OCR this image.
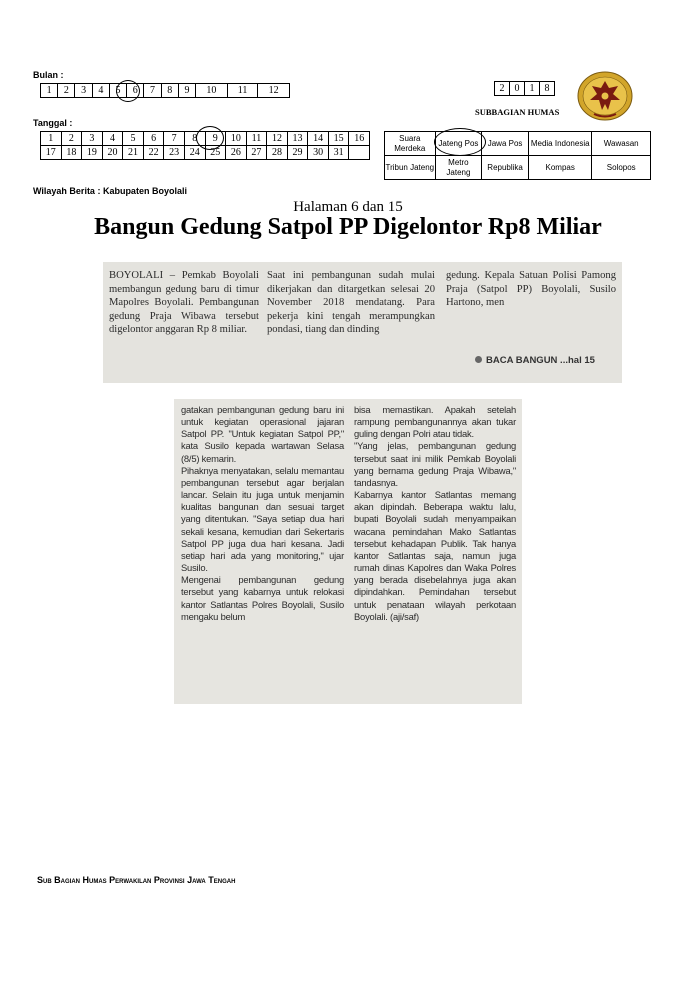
Bulan :
1	2	3	4	5	6	7	8	9	10	11	12
Tanggal :
1	2	3	4	5	6	7	8	9	10	11	12	13	14	15	16
17	18	19	20	21	22	23	24	25	26	27	28	29	30	31	
Wilayah Berita : Kabupaten Boyolali
2	0	1	8
SUBBAGIAN HUMAS
Suara Merdeka	Jateng Pos	Jawa Pos	Media Indonesia	Wawasan
Tribun Jateng	Metro Jateng	Republika	Kompas	Solopos
Halaman 6 dan 15
Bangun Gedung Satpol PP Digelontor Rp8 Miliar
BOYOLALI – Pemkab Boyolali membangun gedung baru di timur Mapolres Boyolali. Pembangunan gedung Praja Wibawa tersebut digelontor anggaran Rp 8 miliar.
Saat ini pembangunan sudah mulai dikerjakan dan ditargetkan selesai 20 November 2018 mendatang. Para pekerja kini tengah merampungkan pondasi, tiang dan dinding
gedung. Kepala Satuan Polisi Pamong Praja (Satpol PP) Boyolali, Susilo Hartono, men
BACA BANGUN ...hal 15

gatakan pembangunan gedung baru ini untuk kegiatan operasional jajaran Satpol PP. "Untuk kegiatan Satpol PP," kata Susilo kepada wartawan Selasa (8/5) kemarin.

Pihaknya menyatakan, selalu memantau pembangunan tersebut agar berjalan lancar. Selain itu juga untuk menjamin kualitas bangunan dan sesuai target yang ditentukan. "Saya setiap dua hari sekali kesana, kemudian dari Sekertaris Satpol PP juga dua hari kesana. Jadi setiap hari ada yang monitoring," ujar Susilo.

Mengenai pembangunan gedung tersebut yang kabarnya untuk relokasi kantor Satlantas Polres Boyolali, Susilo mengaku belum

bisa memastikan. Apakah setelah rampung pembangunannya akan tukar guling dengan Polri atau tidak.

"Yang jelas, pembangunan gedung tersebut saat ini milik Pemkab Boyolali yang bernama gedung Praja Wibawa," tandasnya.

Kabarnya kantor Satlantas memang akan dipindah. Beberapa waktu lalu, bupati Boyolali sudah menyampaikan wacana pemindahan Mako Satlantas tersebut kehadapan Publik. Tak hanya kantor Satlantas saja, namun juga rumah dinas Kapolres dan Waka Polres yang berada disebelahnya juga akan dipindahkan. Pemindahan tersebut untuk penataan wilayah perkotaan Boyolali. (aji/saf)

Sub Bagian Humas Perwakilan Provinsi Jawa Tengah
